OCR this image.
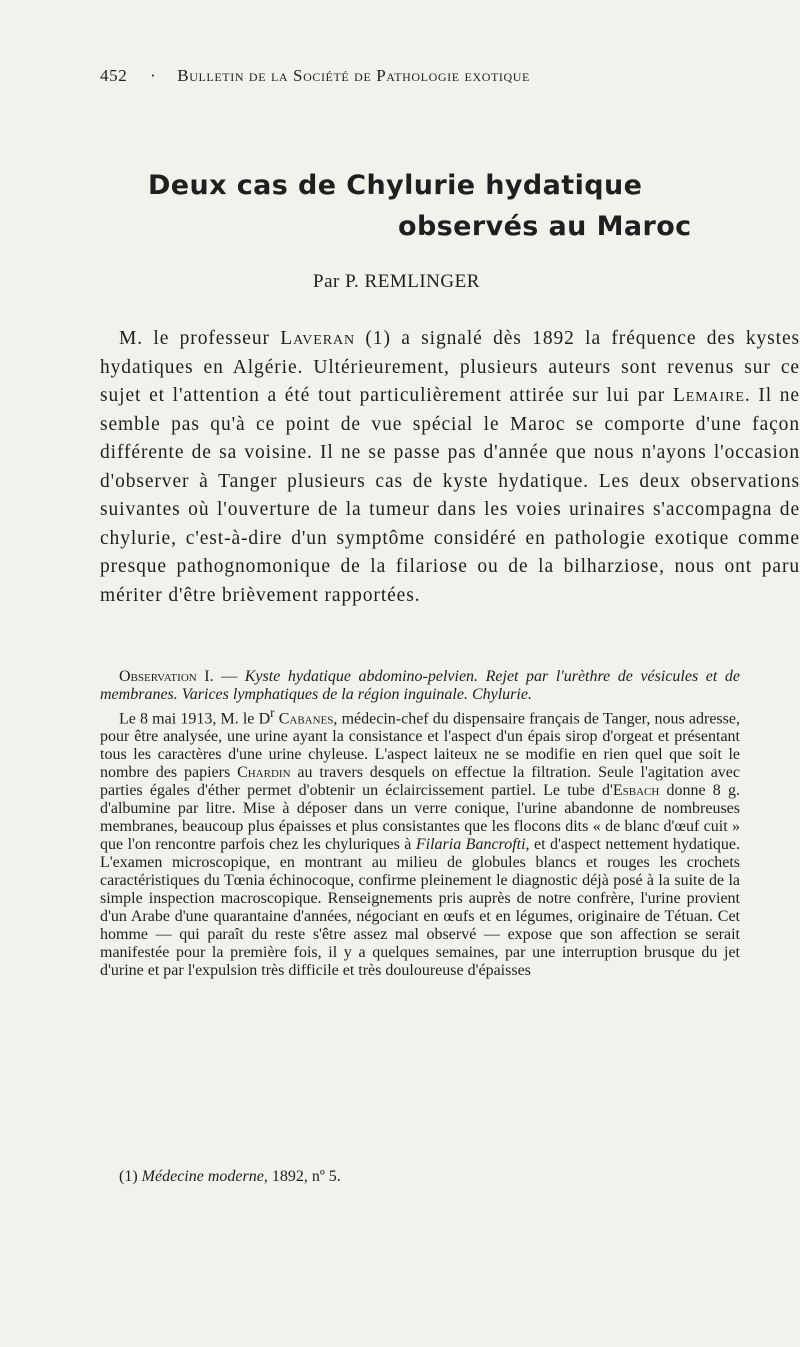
452 · Bulletin de la Société de Pathologie exotique
Deux cas de Chylurie hydatique
observés au Maroc
Par P. REMLINGER

M. le professeur Laveran (1) a signalé dès 1892 la fréquence des kystes hydatiques en Algérie. Ultérieurement, plusieurs auteurs sont revenus sur ce sujet et l'attention a été tout particulièrement attirée sur lui par Lemaire. Il ne semble pas qu'à ce point de vue spécial le Maroc se comporte d'une façon différente de sa voisine. Il ne se passe pas d'année que nous n'ayons l'occasion d'observer à Tanger plusieurs cas de kyste hydatique. Les deux observations suivantes où l'ouverture de la tumeur dans les voies urinaires s'accompagna de chylurie, c'est-à-dire d'un symptôme considéré en pathologie exotique comme presque pathognomonique de la filariose ou de la bilharziose, nous ont paru mériter d'être brièvement rapportées.

Observation I. — Kyste hydatique abdomino-pelvien. Rejet par l'urèthre de vésicules et de membranes. Varices lymphatiques de la région inguinale. Chylurie.

Le 8 mai 1913, M. le $D^r$ Cabanes, médecin-chef du dispensaire français de Tanger, nous adresse, pour être analysée, une urine ayant la consistance et l'aspect d'un épais sirop d'orgeat et présentant tous les caractères d'une urine chyleuse. L'aspect laiteux ne se modifie en rien quel que soit le nombre des papiers Chardin au travers desquels on effectue la filtration. Seule l'agitation avec parties égales d'éther permet d'obtenir un éclaircissement partiel. Le tube d'Esbach donne 8 g. d'albumine par litre. Mise à déposer dans un verre conique, l'urine abandonne de nombreuses membranes, beaucoup plus épaisses et plus consistantes que les flocons dits « de blanc d'œuf cuit » que l'on rencontre parfois chez les chyluriques à Filaria Bancrofti, et d'aspect nettement hydatique. L'examen microscopique, en montrant au milieu de globules blancs et rouges les crochets caractéristiques du Tœnia échinocoque, confirme pleinement le diagnostic déjà posé à la suite de la simple inspection macroscopique. Renseignements pris auprès de notre confrère, l'urine provient d'un Arabe d'une quarantaine d'années, négociant en œufs et en légumes, originaire de Tétuan. Cet homme — qui paraît du reste s'être assez mal observé — expose que son affection se serait manifestée pour la première fois, il y a quelques semaines, par une interruption brusque du jet d'urine et par l'expulsion très difficile et très douloureuse d'épaisses

(1) Médecine moderne, 1892, nº 5.
